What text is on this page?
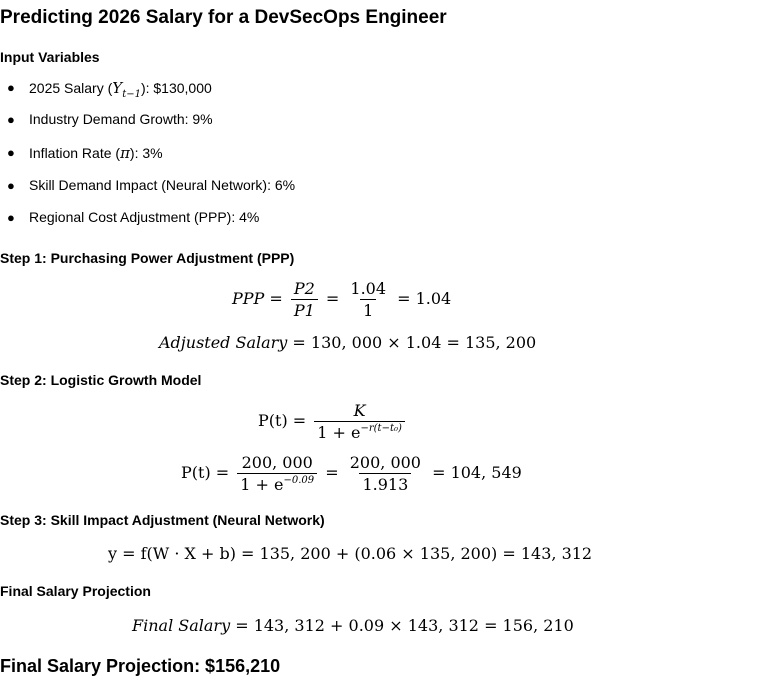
Predicting 2026 Salary for a DevSecOps Engineer
Input Variables
● 2025 Salary $(Y_{t-1})$: $130,000
● Industry Demand Growth: 9%
● Inflation Rate (π): 3%
● Skill Demand Impact (Neural Network): 6%
● Regional Cost Adjustment (PPP): 4%
Step 1: Purchasing Power Adjustment (PPP)
PPP = $\frac{P2}{P1} = \frac{1.04}{1} = 1.04$
Adjusted Salary = 130, 000 × 1.04 = 135, 200
Step 2: Logistic Growth Model
$P(t) = \frac{K}{1 + e^{-r(t-t_0)}}$
$P(t) = \frac{200, 000}{1 + e^{-0.09}} = \frac{200, 000}{1.913} = 104$, 549
Step 3: Skill Impact Adjustment (Neural Network)
y = f(W · X + b) = 135, 200 + (0.06 × 135, 200) = 143, 312
Final Salary Projection
Final Salary = 143, 312 + 0.09 × 143, 312 = 156, 210
Final Salary Projection: $156,210
